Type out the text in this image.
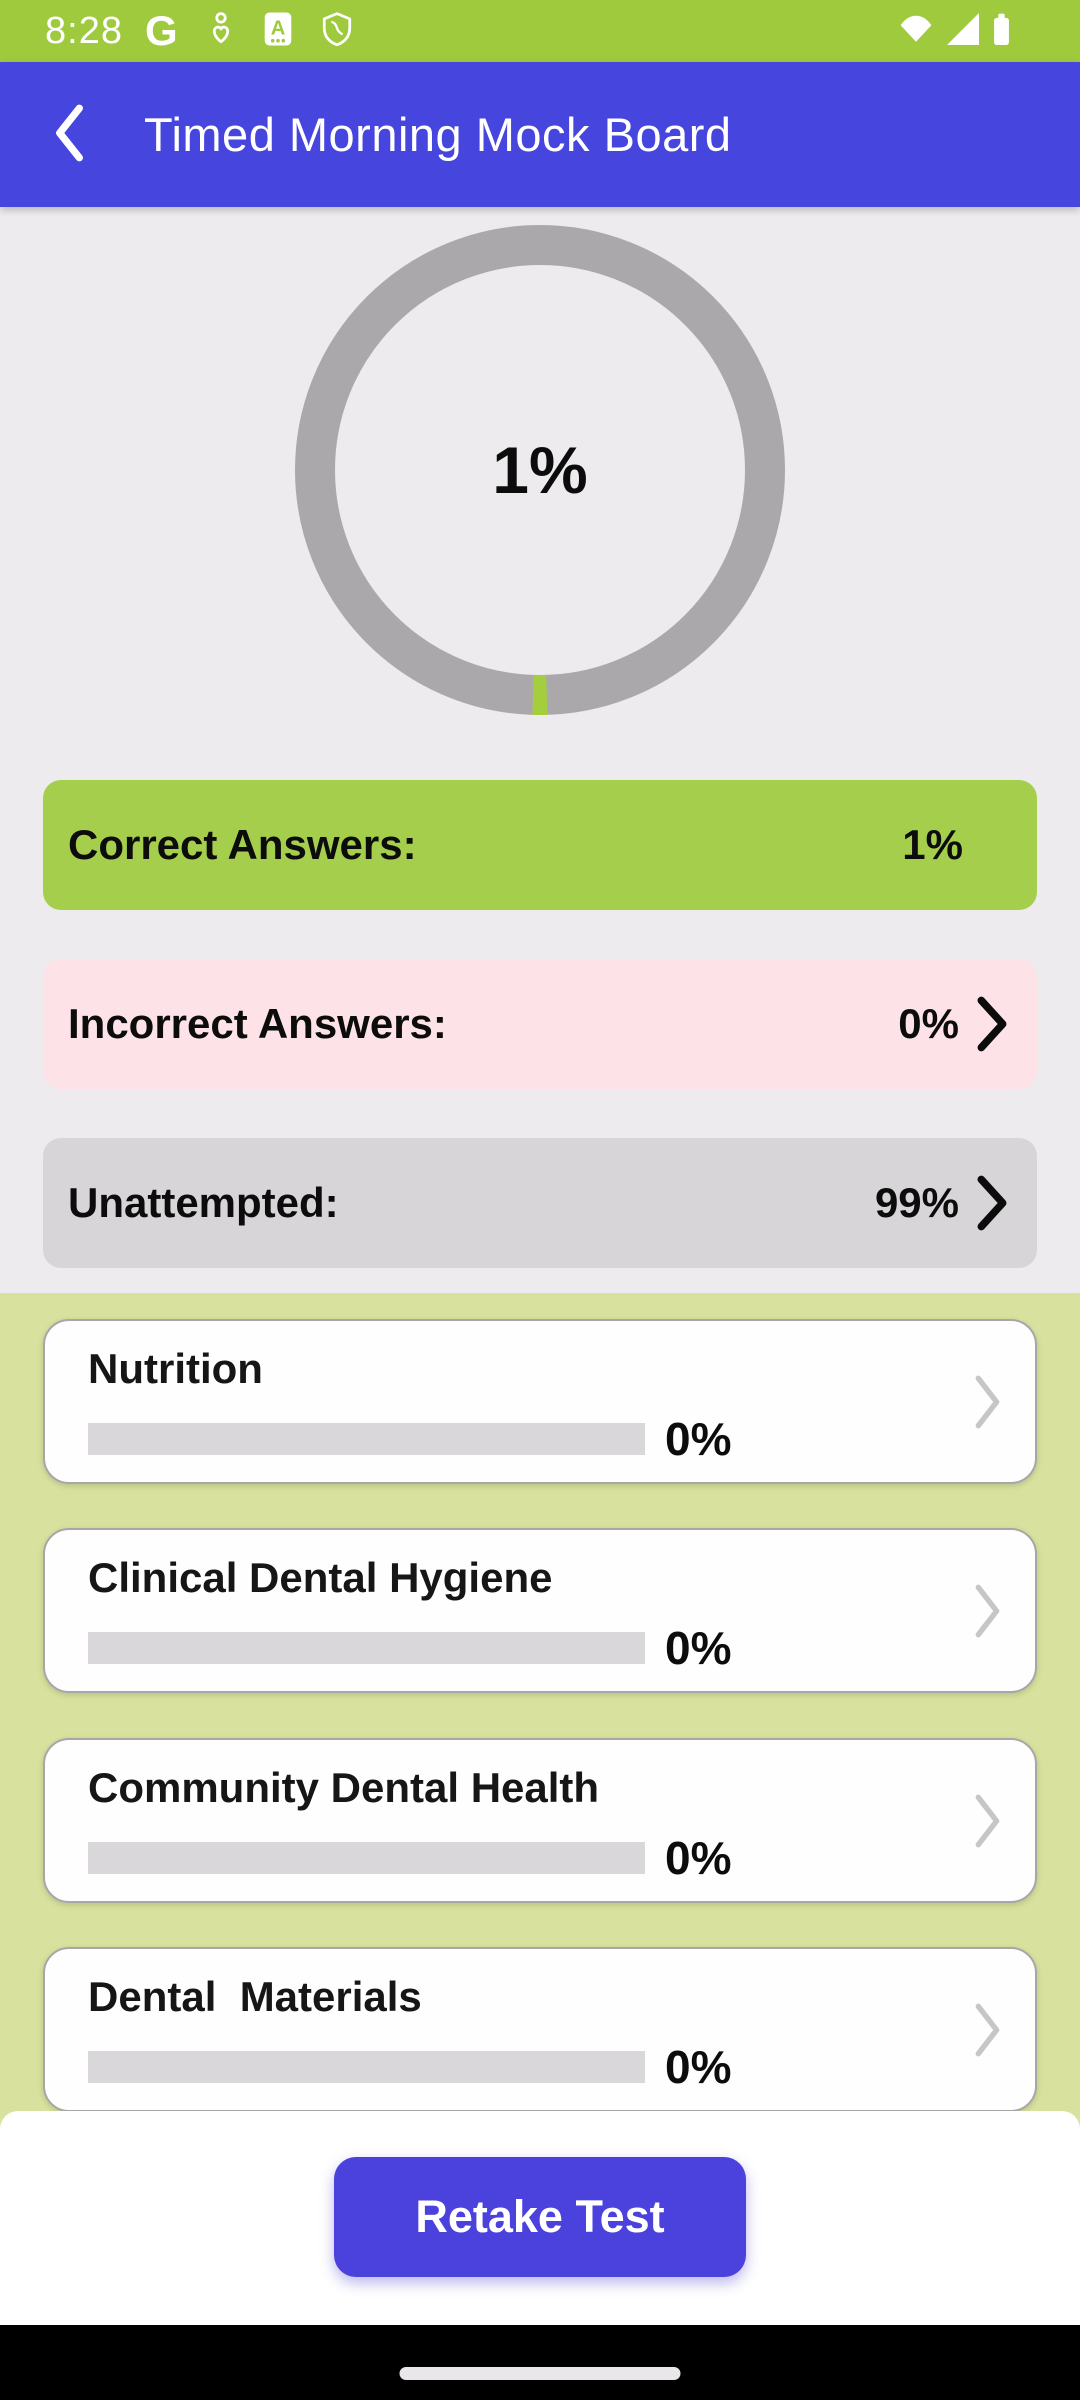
8:28 G	A
Timed Morning Mock Board
1%
Correct Answers:	1%
Incorrect Answers:	0%
Unattempted:	99%
Nutrition
0%
Clinical Dental Hygiene
0%
Community Dental Health
0%
Dental  Materials
0%
Retake Test
